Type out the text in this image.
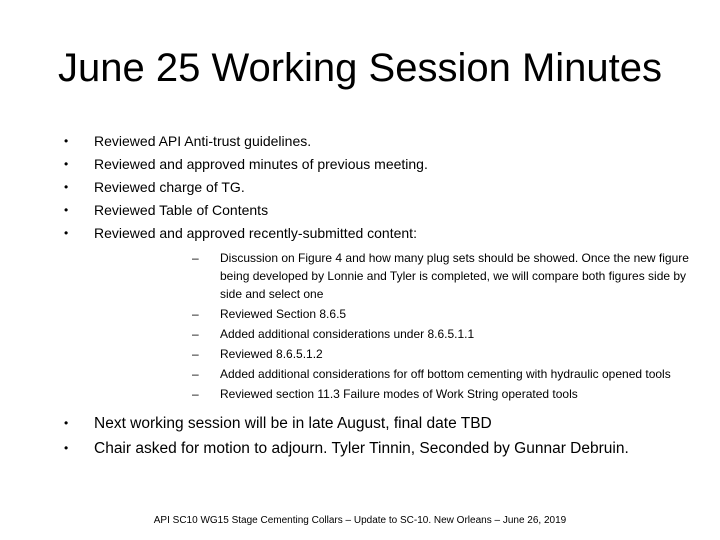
June 25 Working Session Minutes
• Reviewed API Anti-trust guidelines.
• Reviewed and approved minutes of previous meeting.
• Reviewed charge of TG.
• Reviewed Table of Contents
• Reviewed and approved recently-submitted content:
– Discussion on Figure 4 and how many plug sets should be showed. Once the new figure being developed by Lonnie and Tyler is completed, we will compare both figures side by side and select one
– Reviewed Section 8.6.5
– Added additional considerations under 8.6.5.1.1
– Reviewed 8.6.5.1.2
– Added additional considerations for off bottom cementing with hydraulic opened tools
– Reviewed section 11.3 Failure modes of Work String operated tools
• Next working session will be in late August, final date TBD
• Chair asked for motion to adjourn. Tyler Tinnin, Seconded by Gunnar Debruin.
API SC10 WG15 Stage Cementing Collars – Update to SC-10. New Orleans – June 26, 2019
